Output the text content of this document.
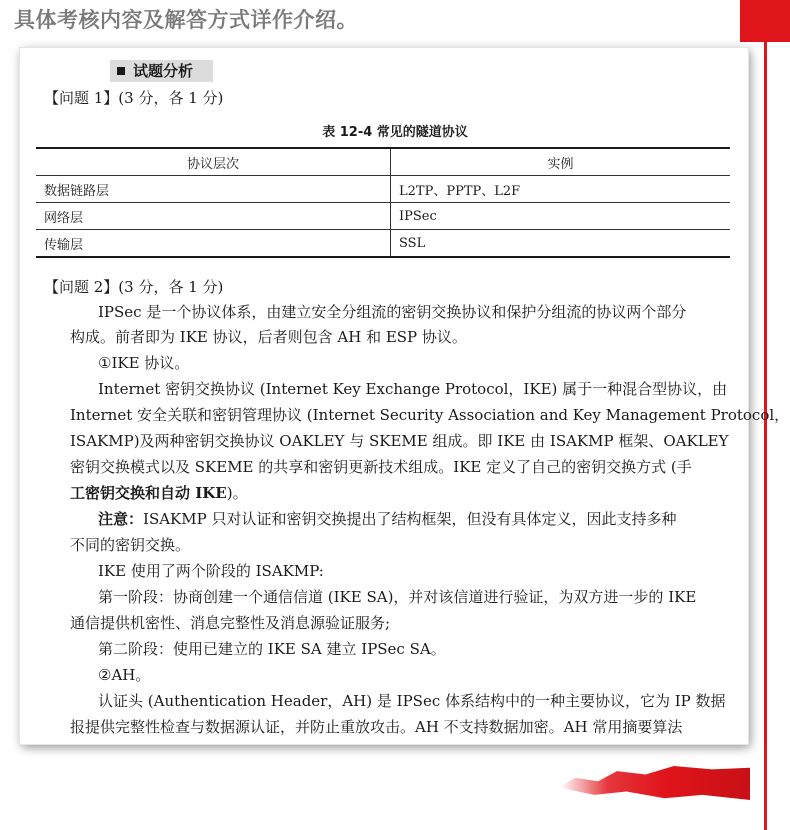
具体考核内容及解答方式详作介绍。
试题分析
【问题 1】(3 分，各 1 分)
表 12-4 常见的隧道协议
协议层次	实例
数据链路层	L2TP、PPTP、L2F
网络层	IPSec
传输层	SSL
【问题 2】(3 分，各 1 分)
IPSec 是一个协议体系，由建立安全分组流的密钥交换协议和保护分组流的协议两个部分
构成。前者即为 IKE 协议，后者则包含 AH 和 ESP 协议。
①IKE 协议。
Internet 密钥交换协议 (Internet Key Exchange Protocol，IKE) 属于一种混合型协议，由
Internet 安全关联和密钥管理协议 (Internet Security Association and Key Management Protocol，
ISAKMP)及两种密钥交换协议 OAKLEY 与 SKEME 组成。即 IKE 由 ISAKMP 框架、OAKLEY
密钥交换模式以及 SKEME 的共享和密钥更新技术组成。IKE 定义了自己的密钥交换方式 (手
工密钥交换和自动 IKE)。
注意：ISAKMP 只对认证和密钥交换提出了结构框架，但没有具体定义，因此支持多种
不同的密钥交换。
IKE 使用了两个阶段的 ISAKMP:
第一阶段：协商创建一个通信信道 (IKE SA)，并对该信道进行验证，为双方进一步的 IKE
通信提供机密性、消息完整性及消息源验证服务;
第二阶段：使用已建立的 IKE SA 建立 IPSec SA。
②AH。
认证头 (Authentication Header，AH) 是 IPSec 体系结构中的一种主要协议，它为 IP 数据
报提供完整性检查与数据源认证，并防止重放攻击。AH 不支持数据加密。AH 常用摘要算法
